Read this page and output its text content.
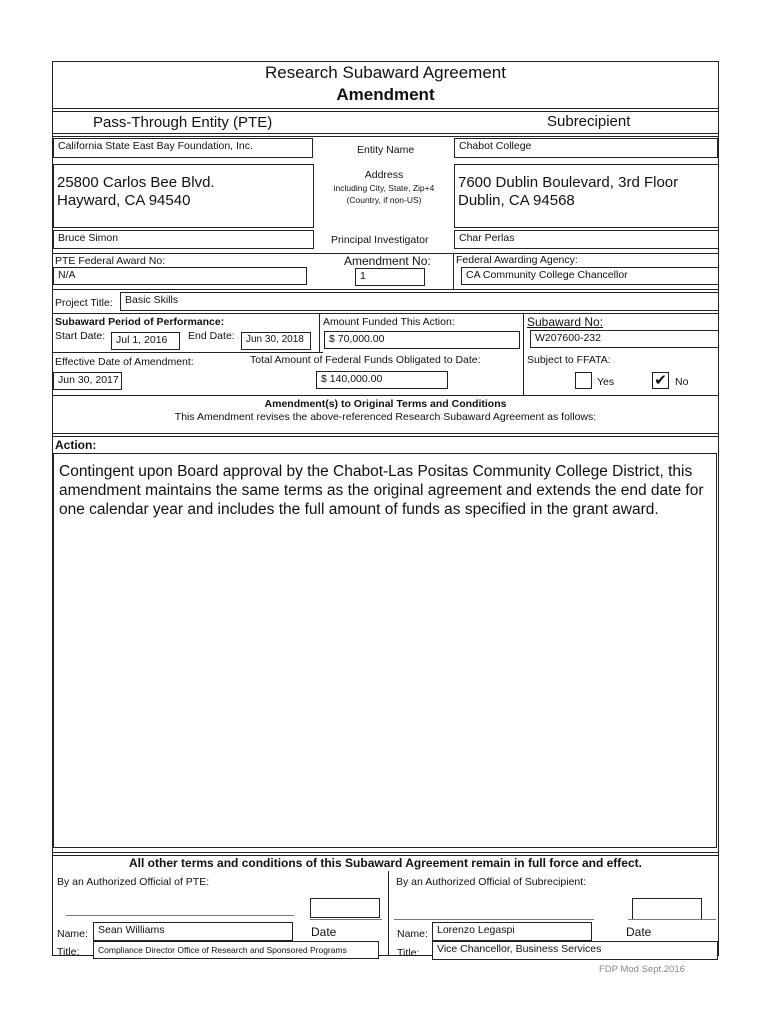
Research Subaward Agreement
Amendment
Pass-Through Entity (PTE)	Subrecipient
California State East Bay Foundation, Inc.	Entity Name	Chabot College
25800 Carlos Bee Blvd.
Hayward, CA 94540
Address
including City, State, Zip+4
(Country, if non-US)
7600 Dublin Boulevard, 3rd Floor
Dublin, CA 94568
Bruce Simon	Principal Investigator	Char Perlas
PTE Federal Award No:
N/A
Amendment No:
1
Federal Awarding Agency:
CA Community College Chancellor
Project Title:	Basic Skills
Subaward Period of Performance:
Start Date:	Jul 1, 2016	End Date:	Jun 30, 2018
Amount Funded This Action:
$ 70,000.00
Subaward No:
W207600-232
Effective Date of Amendment:
Jun 30, 2017
Total Amount of Federal Funds Obligated to Date:
$ 140,000.00
Subject to FFATA:
Yes	✔ No
Amendment(s) to Original Terms and Conditions
This Amendment revises the above-referenced Research Subaward Agreement as follows:
Action:
Contingent upon Board approval by the Chabot-Las Positas Community College District, this amendment maintains the same terms as the original agreement and extends the end date for one calendar year and includes the full amount of funds as specified in the grant award.
All other terms and conditions of this Subaward Agreement remain in full force and effect.
By an Authorized Official of PTE:	By an Authorized Official of Subrecipient:
Name: Sean Williams	Date
Title:	Compliance Director Office of Research and Sponsored Programs
Name: Lorenzo Legaspi	Date
Title:	Vice Chancellor, Business Services
FDP Mod Sept.2016
